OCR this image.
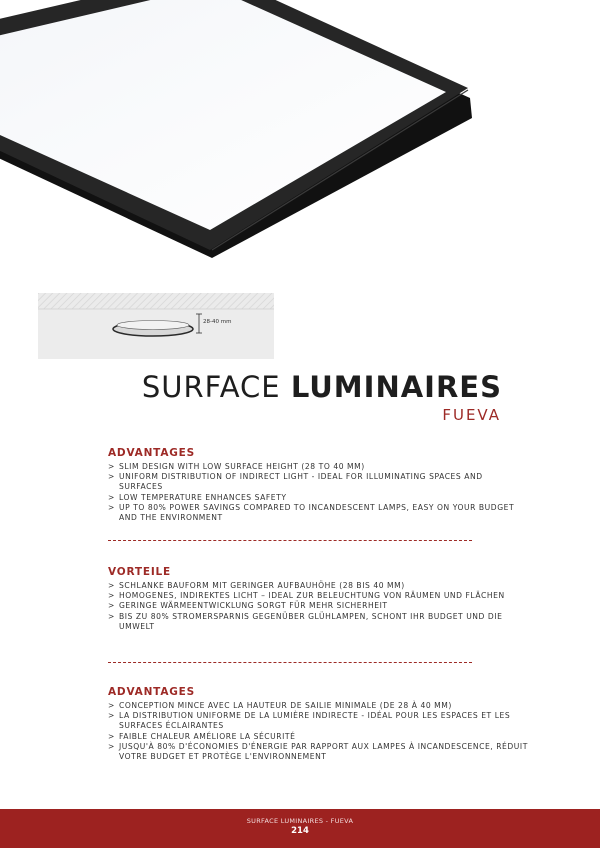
28-40 mm
SURFACE LUMINAIRES
FUEVA
ADVANTAGES
> SLIM DESIGN WITH LOW SURFACE HEIGHT (28 TO 40 MM)
> UNIFORM DISTRIBUTION OF INDIRECT LIGHT - IDEAL FOR ILLUMINATING SPACES AND SURFACES
> LOW TEMPERATURE ENHANCES SAFETY
> UP TO 80% POWER SAVINGS COMPARED TO INCANDESCENT LAMPS, EASY ON YOUR BUDGET AND THE ENVIRONMENT
VORTEILE
> SCHLANKE BAUFORM MIT GERINGER AUFBAUHÖHE (28 BIS 40 MM)
> HOMOGENES, INDIREKTES LICHT – IDEAL ZUR BELEUCHTUNG VON RÄUMEN UND FLÄCHEN
> GERINGE WÄRMEENTWICKLUNG SORGT FÜR MEHR SICHERHEIT
> BIS ZU 80% STROMERSPARNIS GEGENÜBER GLÜHLAMPEN, SCHONT IHR BUDGET UND DIE UMWELT
ADVANTAGES
> CONCEPTION MINCE AVEC LA HAUTEUR DE SAILIE MINIMALE (DE 28 À 40 MM)
> LA DISTRIBUTION UNIFORME DE LA LUMIÈRE INDIRECTE - IDÉAL POUR LES ESPACES ET LES SURFACES ÉCLAIRANTES
> FAIBLE CHALEUR AMÉLIORE LA SÉCURITÉ
> JUSQU'À 80% D'ÉCONOMIES D'ÉNERGIE PAR RAPPORT AUX LAMPES À INCANDESCENCE, RÉDUIT VOTRE BUDGET ET PROTÈGE L'ENVIRONNEMENT
SURFACE LUMINAIRES - FUEVA
214
